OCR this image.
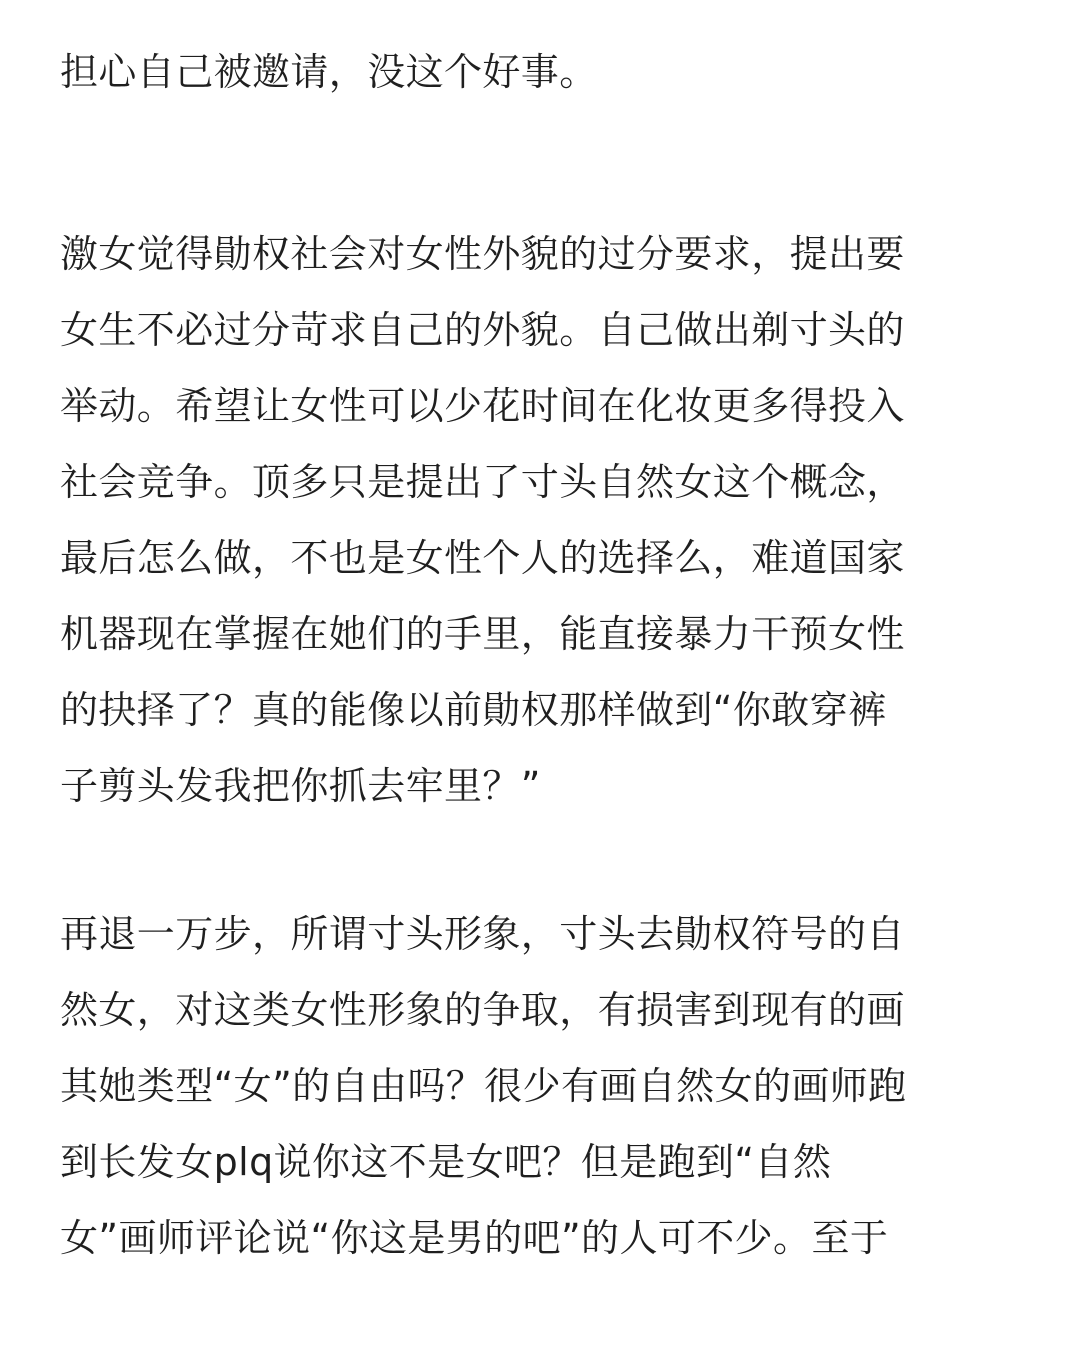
担心自己被邀请，没这个好事。
激女觉得勛权社会对女性外貌的过分要求，提出要
女生不必过分苛求自己的外貌。自己做出剃寸头的
举动。希望让女性可以少花时间在化妆更多得投入
社会竞争。顶多只是提出了寸头自然女这个概念，
最后怎么做，不也是女性个人的选择么，难道国家
机器现在掌握在她们的手里，能直接暴力干预女性
的抉择了？真的能像以前勛权那样做到“你敢穿裤
子剪头发我把你抓去牢里？”
再退一万步，所谓寸头形象，寸头去勛权符号的自
然女，对这类女性形象的争取，有损害到现有的画
其她类型“女”的自由吗？很少有画自然女的画师跑
到长发女plq说你这不是女吧？但是跑到“自然
女”画师评论说“你这是男的吧”的人可不少。至于
